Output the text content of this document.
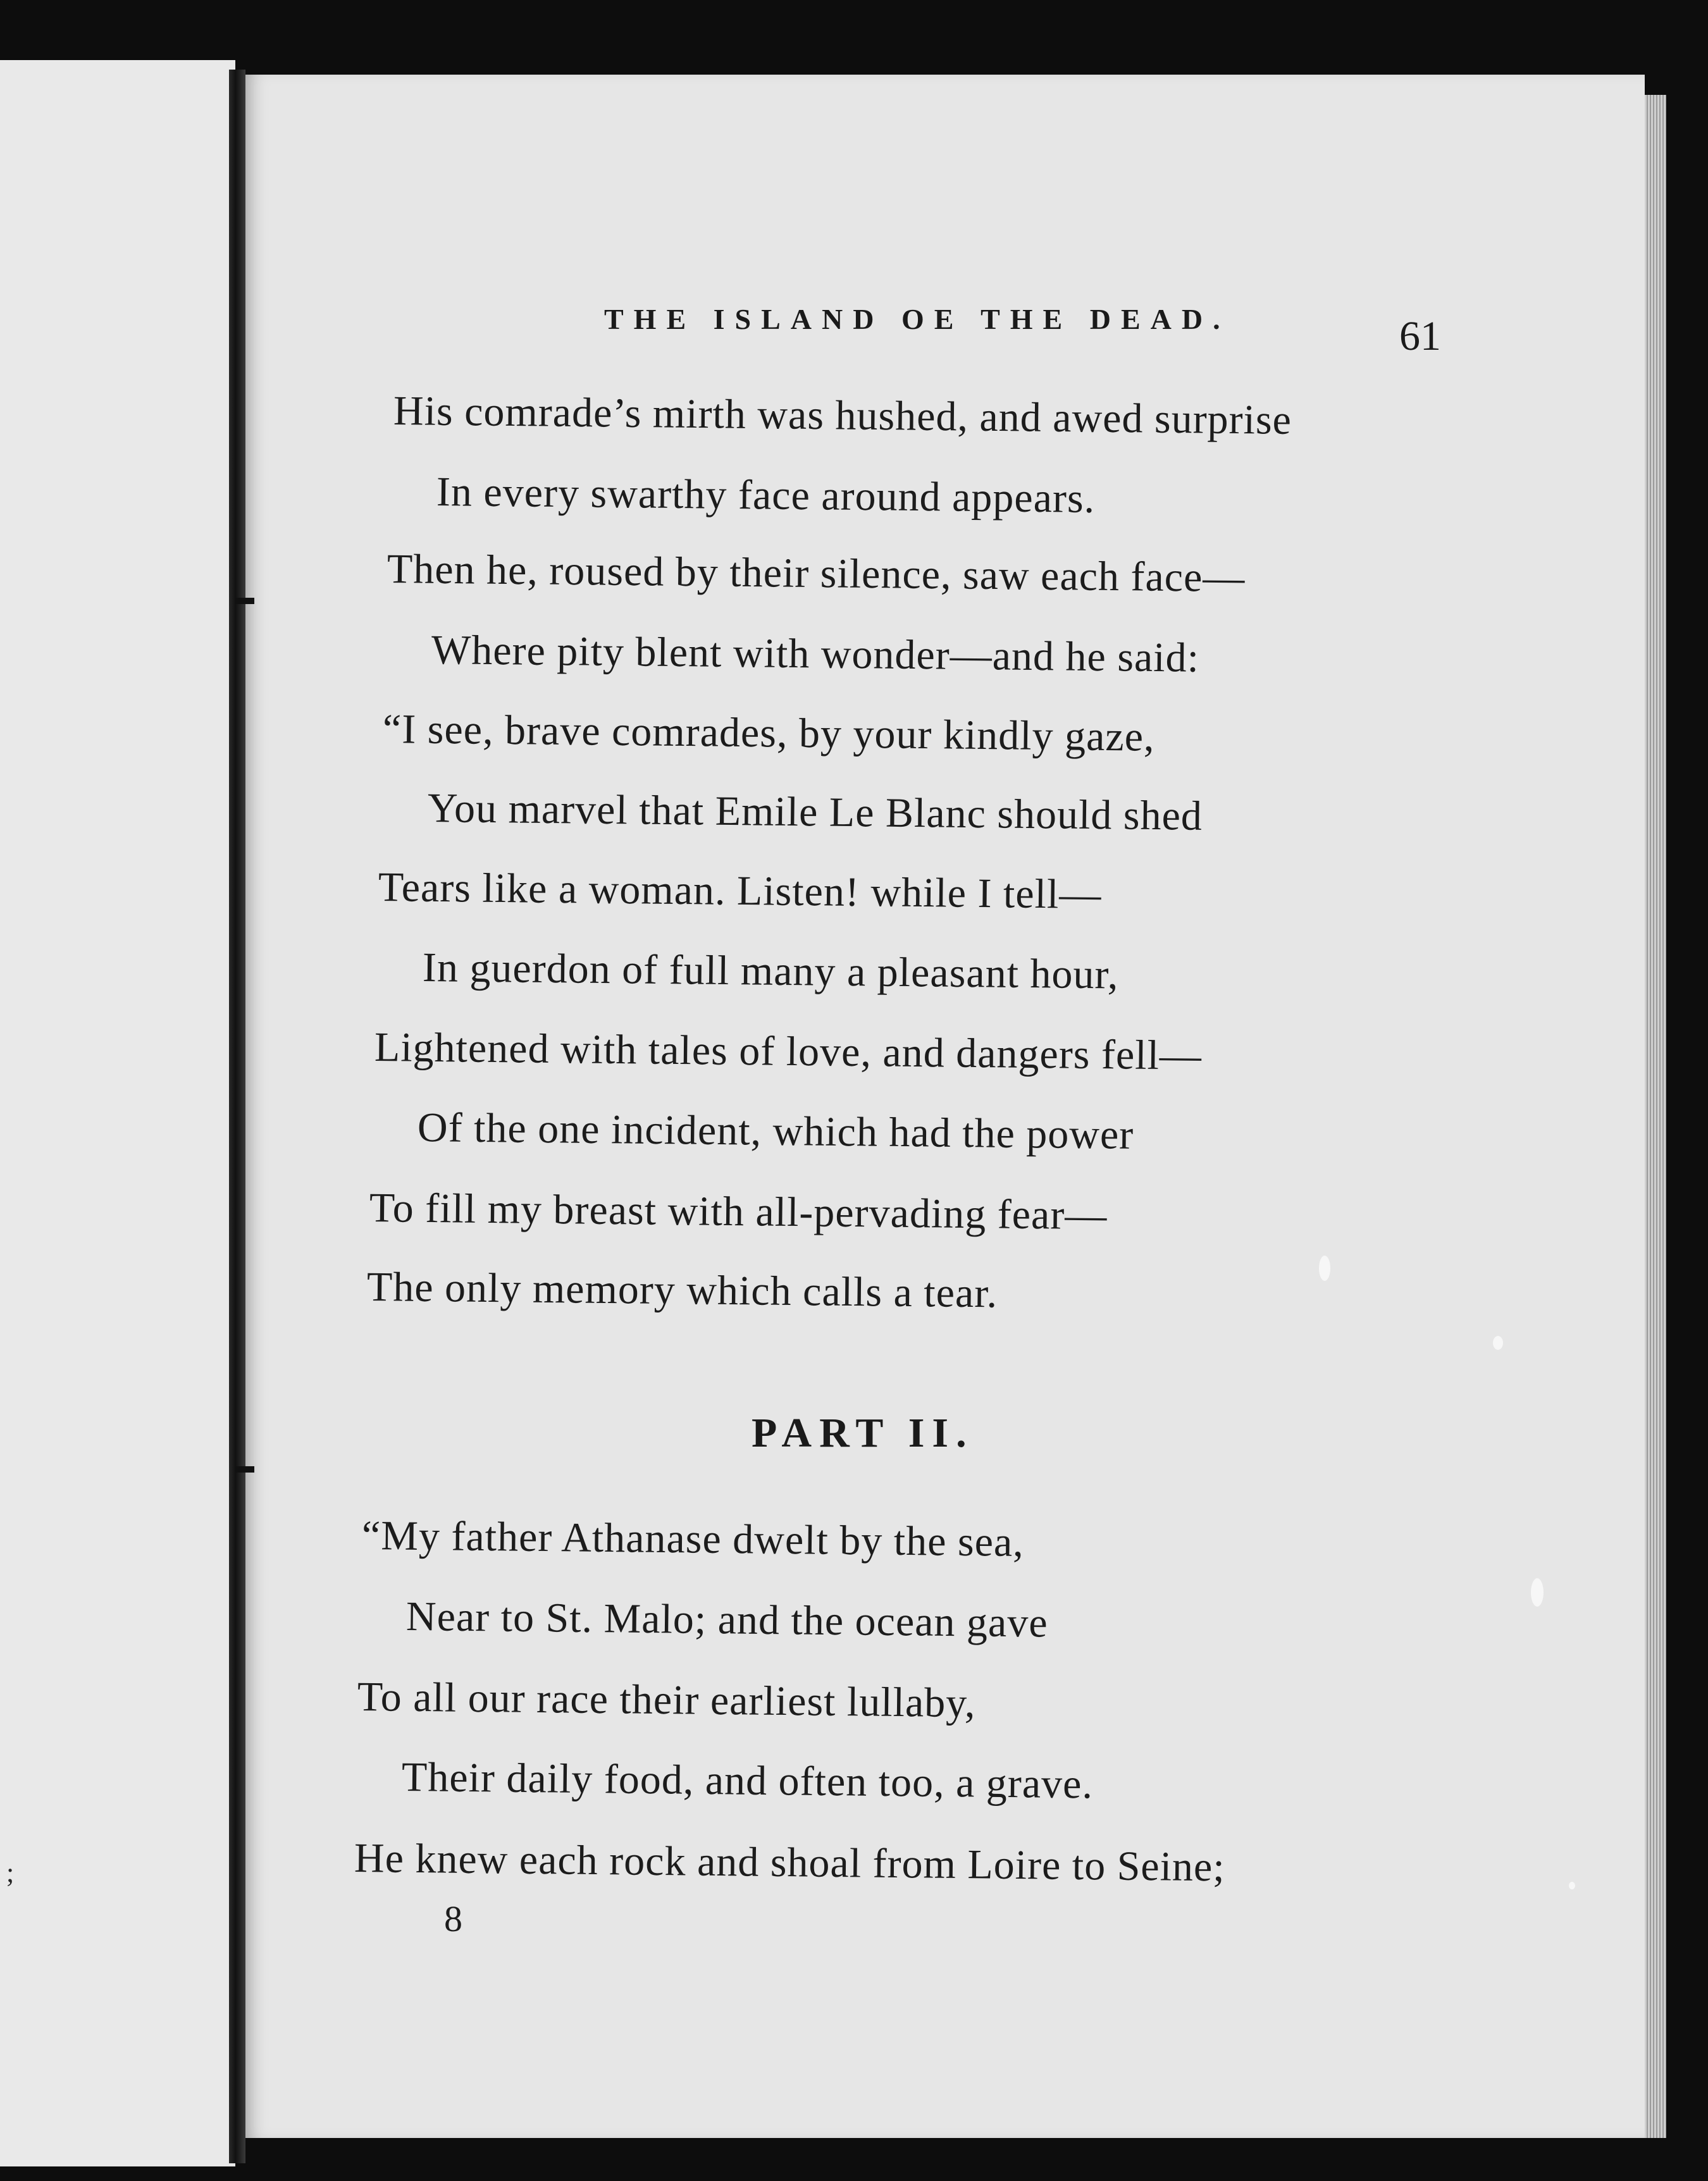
;
THE ISLAND OE THE DEAD.	61
His comrade’s mirth was hushed, and awed surprise
In every swarthy face around appears.
Then he, roused by their silence, saw each face—
Where pity blent with wonder—and he said:
“I see, brave comrades, by your kindly gaze,
You marvel that Emile Le Blanc should shed
Tears like a woman. Listen! while I tell—
In guerdon of full many a pleasant hour,
Lightened with tales of love, and dangers fell—
Of the one incident, which had the power
To fill my breast with all-pervading fear—
The only memory which calls a tear.
PART II.
“My father Athanase dwelt by the sea,
Near to St. Malo; and the ocean gave
To all our race their earliest lullaby,
Their daily food, and often too, a grave.
He knew each rock and shoal from Loire to Seine;
8
